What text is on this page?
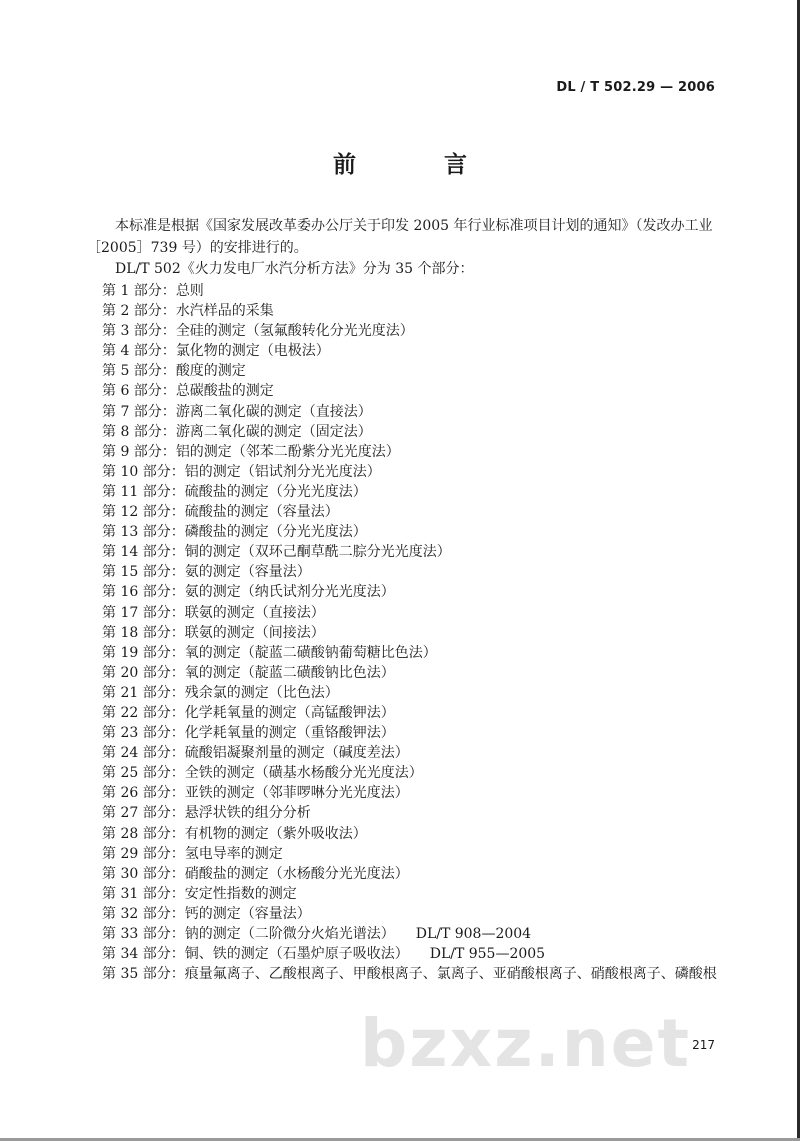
DL / T 502.29 — 2006
前 言

本标准是根据《国家发展改革委办公厅关于印发 2005 年行业标准项目计划的通知》（发改办工业

［2005］739 号）的安排进行的。

DL/T 502《火力发电厂水汽分析方法》分为 35 个部分：

第 1 部分：总则
第 2 部分：水汽样品的采集
第 3 部分：全硅的测定（氢氟酸转化分光光度法）
第 4 部分：氯化物的测定（电极法）
第 5 部分：酸度的测定
第 6 部分：总碳酸盐的测定
第 7 部分：游离二氧化碳的测定（直接法）
第 8 部分：游离二氧化碳的测定（固定法）
第 9 部分：铝的测定（邻苯二酚紫分光光度法）
第 10 部分：铝的测定（铝试剂分光光度法）
第 11 部分：硫酸盐的测定（分光光度法）
第 12 部分：硫酸盐的测定（容量法）
第 13 部分：磷酸盐的测定（分光光度法）
第 14 部分：铜的测定（双环己酮草酰二腙分光光度法）
第 15 部分：氨的测定（容量法）
第 16 部分：氨的测定（纳氏试剂分光光度法）
第 17 部分：联氨的测定（直接法）
第 18 部分：联氨的测定（间接法）
第 19 部分：氧的测定（靛蓝二磺酸钠葡萄糖比色法）
第 20 部分：氧的测定（靛蓝二磺酸钠比色法）
第 21 部分：残余氯的测定（比色法）
第 22 部分：化学耗氧量的测定（高锰酸钾法）
第 23 部分：化学耗氧量的测定（重铬酸钾法）
第 24 部分：硫酸铝凝聚剂量的测定（碱度差法）
第 25 部分：全铁的测定（磺基水杨酸分光光度法）
第 26 部分：亚铁的测定（邻菲啰啉分光光度法）
第 27 部分：悬浮状铁的组分分析
第 28 部分：有机物的测定（紫外吸收法）
第 29 部分：氢电导率的测定
第 30 部分：硝酸盐的测定（水杨酸分光光度法）
第 31 部分：安定性指数的测定
第 32 部分：钙的测定（容量法）
第 33 部分：钠的测定（二阶微分火焰光谱法）　　DL/T 908—2004
第 34 部分：铜、铁的测定（石墨炉原子吸收法）　　DL/T 955—2005
第 35 部分：痕量氟离子、乙酸根离子、甲酸根离子、氯离子、亚硝酸根离子、硝酸根离子、磷酸根
bzxz.net 217
